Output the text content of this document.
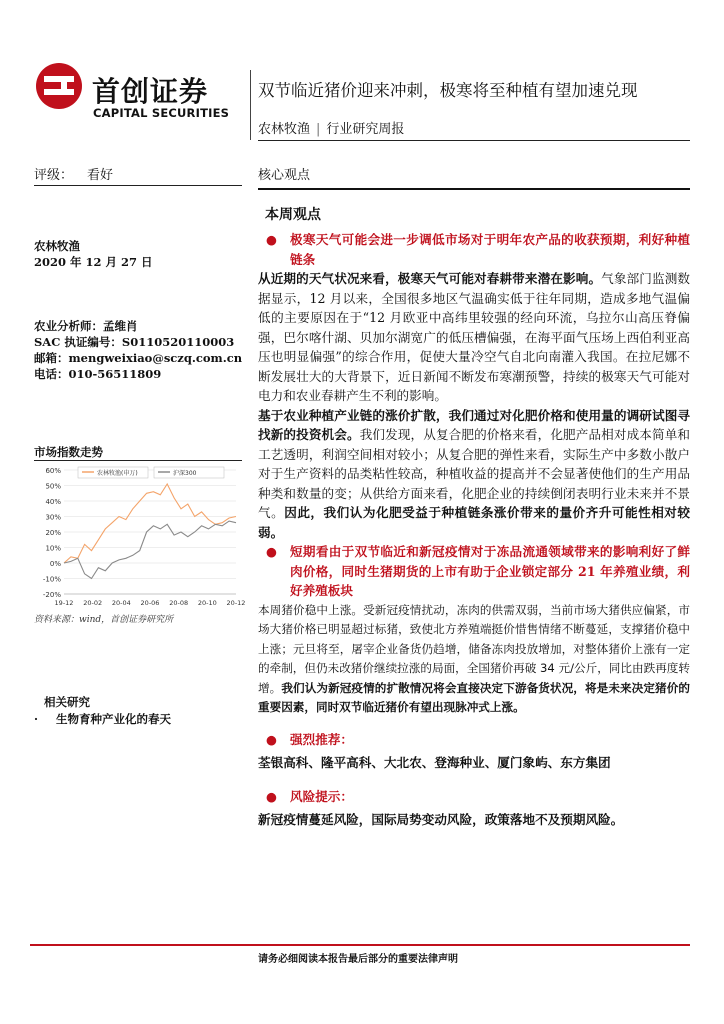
首创证券
CAPITAL SECURITIES
双节临近猪价迎来冲刺，极寒将至种植有望加速兑现
农林牧渔 | 行业研究周报
评级： 看好	核心观点
本周观点
农林牧渔
2020 年 12 月 27 日
农业分析师：孟维肖
SAC 执证编号：S0110520110003
邮箱：mengweixiao@sczq.com.cn
电话：010-56511809
市场指数走势
60%
50%
40%
30%
20%
10%
0%
-10%
-20%
19-12 20-02 20-04 20-06 20-08 20-10 20-12
农林牧渔(申万)	沪深300
资料来源：wind，首创证券研究所
相关研究
· 生物育种产业化的春天

● 极寒天气可能会进一步调低市场对于明年农产品的收获预期，利好种植链条

从近期的天气状况来看，极寒天气可能对春耕带来潜在影响。气象部门监测数据显示，12 月以来，全国很多地区气温确实低于往年同期，造成多地气温偏低的主要原因在于“12 月欧亚中高纬里较强的经向环流，乌拉尔山高压脊偏强，巴尔喀什湖、贝加尔湖宽广的低压槽偏强，在海平面气压场上西伯利亚高压也明显偏强”的综合作用，促使大量冷空气自北向南灌入我国。在拉尼娜不断发展壮大的大背景下，近日新闻不断发布寒潮预警，持续的极寒天气可能对电力和农业春耕产生不利的影响。

基于农业种植产业链的涨价扩散，我们通过对化肥价格和使用量的调研试图寻找新的投资机会。我们发现，从复合肥的价格来看，化肥产品相对成本简单和工艺透明，利润空间相对较小；从复合肥的弹性来看，实际生产中多数小散户对于生产资料的品类粘性较高，种植收益的提高并不会显著使他们的生产用品种类和数量的变；从供给方面来看，化肥企业的持续倒闭表明行业未来并不景气。因此，我们认为化肥受益于种植链条涨价带来的量价齐升可能性相对较弱。

● 短期看由于双节临近和新冠疫情对于冻品流通领域带来的影响利好了鲜肉价格，同时生猪期货的上市有助于企业锁定部分 21 年养殖业绩，利好养殖板块

本周猪价稳中上涨。受新冠疫情扰动，冻肉的供需双弱，当前市场大猪供应偏紧，市场大猪价格已明显超过标猪，致使北方养殖端挺价惜售情绪不断蔓延，支撑猪价稳中上涨；元旦将至，屠宰企业备货仍趋增，储备冻肉投放增加，对整体猪价上涨有一定的牵制，但仍未改猪价继续拉涨的局面，全国猪价再破 34 元/公斤，同比由跌再度转增。我们认为新冠疫情的扩散情况将会直接决定下游备货状况，将是未来决定猪价的重要因素，同时双节临近猪价有望出现脉冲式上涨。

● 强烈推荐：

荃银高科、隆平高科、大北农、登海种业、厦门象屿、东方集团

● 风险提示：

新冠疫情蔓延风险，国际局势变动风险，政策落地不及预期风险。

请务必细阅读本报告最后部分的重要法律声明
